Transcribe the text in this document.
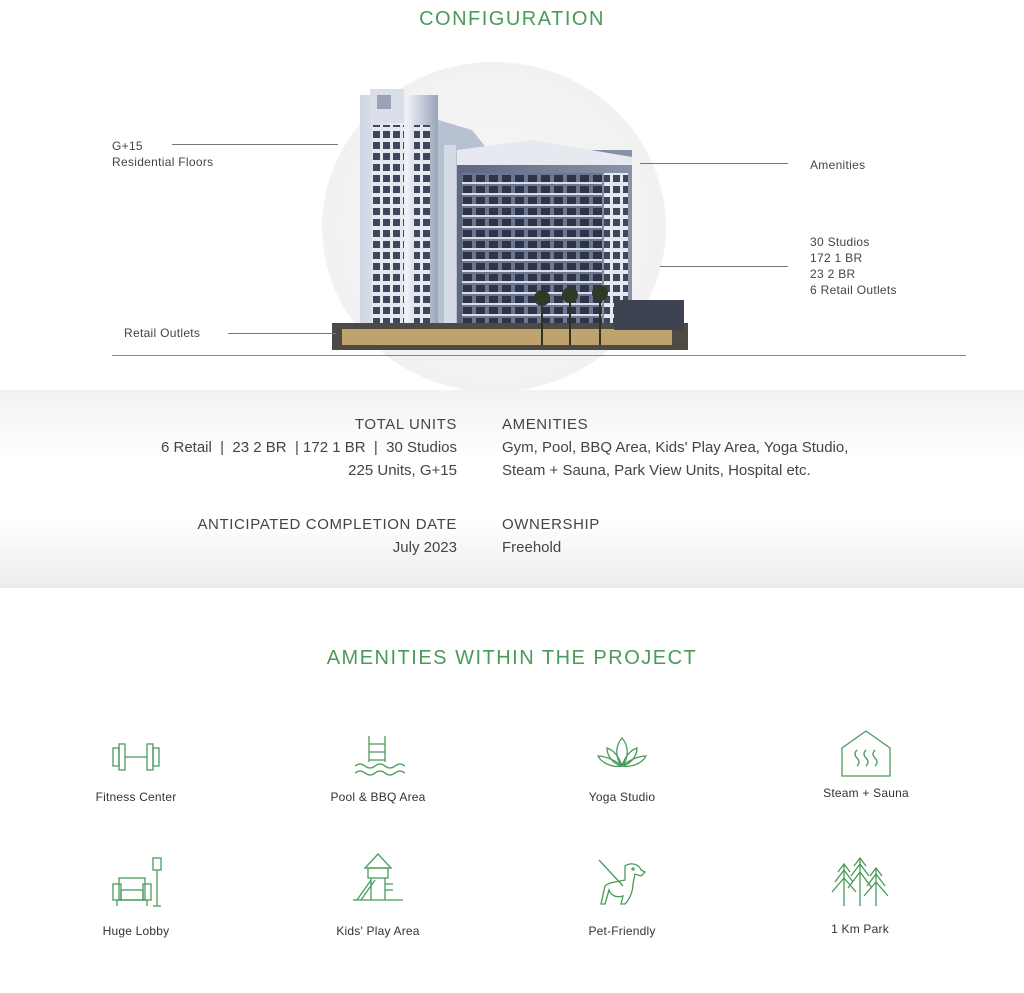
CONFIGURATION
G+15
Residential Floors
Retail Outlets
Amenities
30 Studios
172 1 BR
23 2 BR
6 Retail Outlets
TOTAL UNITS
6 Retail  |  23 2 BR  | 172 1 BR  |  30 Studios
225 Units, G+15
AMENITIES
Gym, Pool, BBQ Area, Kids' Play Area, Yoga Studio,
Steam + Sauna, Park View Units, Hospital etc.
ANTICIPATED COMPLETION DATE
July 2023
OWNERSHIP
Freehold
AMENITIES WITHIN THE PROJECT
Fitness Center	Pool & BBQ Area	Yoga Studio	Steam + Sauna
Huge Lobby	Kids' Play Area	Pet-Friendly	1 Km Park
